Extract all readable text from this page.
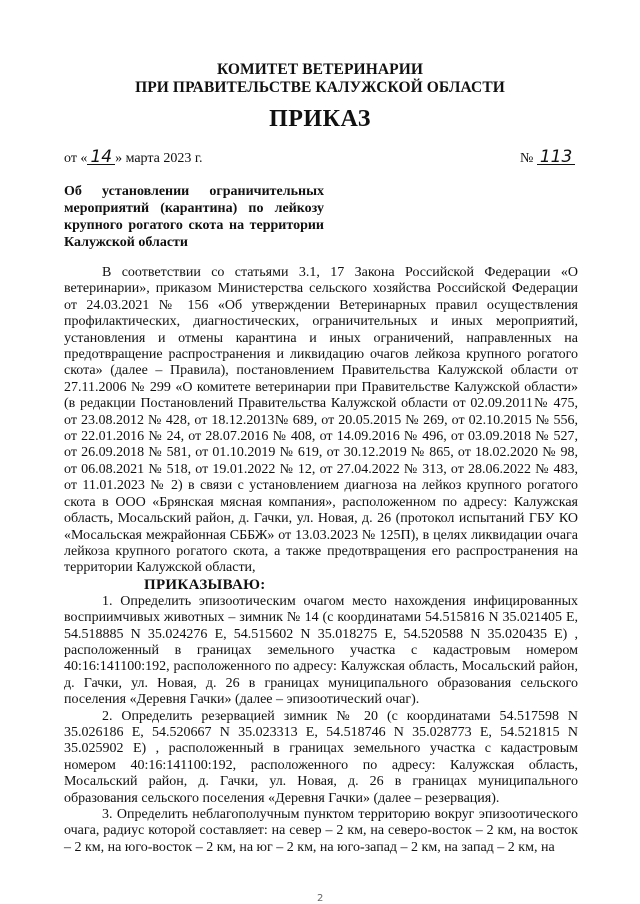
КОМИТЕТ ВЕТЕРИНАРИИ
ПРИ ПРАВИТЕЛЬСТВЕ КАЛУЖСКОЙ ОБЛАСТИ
ПРИКАЗ
от « 14 » марта 2023 г.	№ 113
Об установлении ограничительных мероприятий (карантина) по лейкозу крупного рогатого скота на территории Калужской области

В соответствии со статьями 3.1, 17 Закона Российской Федерации «О ветеринарии», приказом Министерства сельского хозяйства Российской Федерации от 24.03.2021 № 156 «Об утверждении Ветеринарных правил осуществления профилактических, диагностических, ограничительных и иных мероприятий, установления и отмены карантина и иных ограничений, направленных на предотвращение распространения и ликвидацию очагов лейкоза крупного рогатого скота» (далее – Правила), постановлением Правительства Калужской области от 27.11.2006 № 299 «О комитете ветеринарии при Правительстве Калужской области» (в редакции Постановлений Правительства Калужской области от 02.09.2011№ 475, от 23.08.2012 № 428, от 18.12.2013№ 689, от 20.05.2015 № 269, от 02.10.2015 № 556, от 22.01.2016 № 24, от 28.07.2016 № 408, от 14.09.2016 № 496, от 03.09.2018 № 527, от 26.09.2018 № 581, от 01.10.2019 № 619, от 30.12.2019 № 865, от 18.02.2020 № 98, от 06.08.2021 № 518, от 19.01.2022 № 12, от 27.04.2022 № 313, от 28.06.2022 № 483, от 11.01.2023 № 2) в связи с установлением диагноза на лейкоз крупного рогатого скота в ООО «Брянская мясная компания», расположенном по адресу: Калужская область, Мосальский район, д. Гачки, ул. Новая, д. 26 (протокол испытаний ГБУ КО «Мосальская межрайонная СББЖ» от 13.03.2023 № 125П), в целях ликвидации очага лейкоза крупного рогатого скота, а также предотвращения его распространения на территории Калужской области,

ПРИКАЗЫВАЮ:

1. Определить эпизоотическим очагом место нахождения инфицированных восприимчивых животных – зимник № 14 (с координатами 54.515816 N 35.021405 E, 54.518885 N 35.024276 E, 54.515602 N 35.018275 E, 54.520588 N 35.020435 E) , расположенный в границах земельного участка с кадастровым номером 40:16:141100:192, расположенного по адресу: Калужская область, Мосальский район, д. Гачки, ул. Новая, д. 26 в границах муниципального образования сельского поселения «Деревня Гачки» (далее – эпизоотический очаг).

2. Определить резервацией зимник № 20 (с координатами 54.517598 N 35.026186 E, 54.520667 N 35.023313 E, 54.518746 N 35.028773 E, 54.521815 N 35.025902 E) , расположенный в границах земельного участка с кадастровым номером 40:16:141100:192, расположенного по адресу: Калужская область, Мосальский район, д. Гачки, ул. Новая, д. 26 в границах муниципального образования сельского поселения «Деревня Гачки» (далее – резервация).

3. Определить неблагополучным пунктом территорию вокруг эпизоотического очага, радиус которой составляет: на север – 2 км, на северо-восток – 2 км, на восток – 2 км, на юго-восток – 2 км, на юг – 2 км, на юго-запад – 2 км, на запад – 2 км, на

2
